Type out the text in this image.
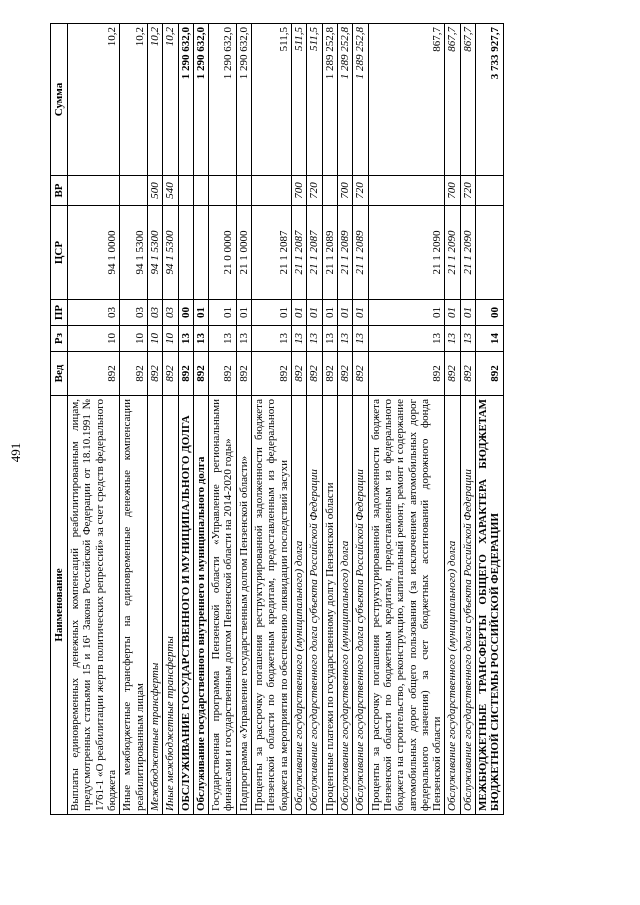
491
Наименование	Вед	Рз	ПР	ЦСР	ВР	Сумма
Выплаты единовременных денежных компенсаций реабилитированным лицам, предусмотренных статьями 15 и 16¹ Закона Российской Федерации от 18.10.1991 № 1761-1 «О реабилитации жертв политических репрессий» за счет средств федерального бюджета	892	10	03	94 1 0000		10,2
Иные межбюджетные трансферты на единовременные денежные компенсации реабилитированным лицам	892	10	03	94 1 5300		10,2
Межбюджетные трансферты	892	10	03	94 1 5300	500	10,2
Иные межбюджетные трансферты	892	10	03	94 1 5300	540	10,2
ОБСЛУЖИВАНИЕ ГОСУДАРСТВЕННОГО И МУНИЦИПАЛЬНОГО ДОЛГА	892	13	00			1 290 632,0
Обслуживание государственного внутреннего и муниципального долга	892	13	01			1 290 632,0
Государственная программа Пензенской области «Управление региональными финансами и государственным долгом Пензенской области на 2014-2020 годы»	892	13	01	21 0 0000		1 290 632,0
Подпрограмма «Управление государственным долгом Пензенской области»	892	13	01	21 1 0000		1 290 632,0
Проценты за рассрочку погашения реструктурированной задолженности бюджета Пензенской области по бюджетным кредитам, предоставленным из федерального бюджета на мероприятия по обеспечению ликвидации последствий засухи	892	13	01	21 1 2087		511,5
Обслуживание государственного (муниципального) долга	892	13	01	21 1 2087	700	511,5
Обслуживание государственного долга субъекта Российской Федерации	892	13	01	21 1 2087	720	511,5
Процентные платежи по государственному долгу Пензенской области	892	13	01	21 1 2089		1 289 252,8
Обслуживание государственного (муниципального) долга	892	13	01	21 1 2089	700	1 289 252,8
Обслуживание государственного долга субъекта Российской Федерации	892	13	01	21 1 2089	720	1 289 252,8
Проценты за рассрочку погашения реструктурированной задолженности бюджета Пензенской области по бюджетным кредитам, предоставленным из федерального бюджета на строительство, реконструкцию, капитальный ремонт, ремонт и содержание автомобильных дорог общего пользования (за исключением автомобильных дорог федерального значения) за счет бюджетных ассигнований дорожного фонда Пензенской области	892	13	01	21 1 2090		867,7
Обслуживание государственного (муниципального) долга	892	13	01	21 1 2090	700	867,7
Обслуживание государственного долга субъекта Российской Федерации	892	13	01	21 1 2090	720	867,7
МЕЖБЮДЖЕТНЫЕ ТРАНСФЕРТЫ ОБЩЕГО ХАРАКТЕРА БЮДЖЕТАМ БЮДЖЕТНОЙ СИСТЕМЫ РОССИЙСКОЙ ФЕДЕРАЦИИ	892	14	00			3 733 927,7
